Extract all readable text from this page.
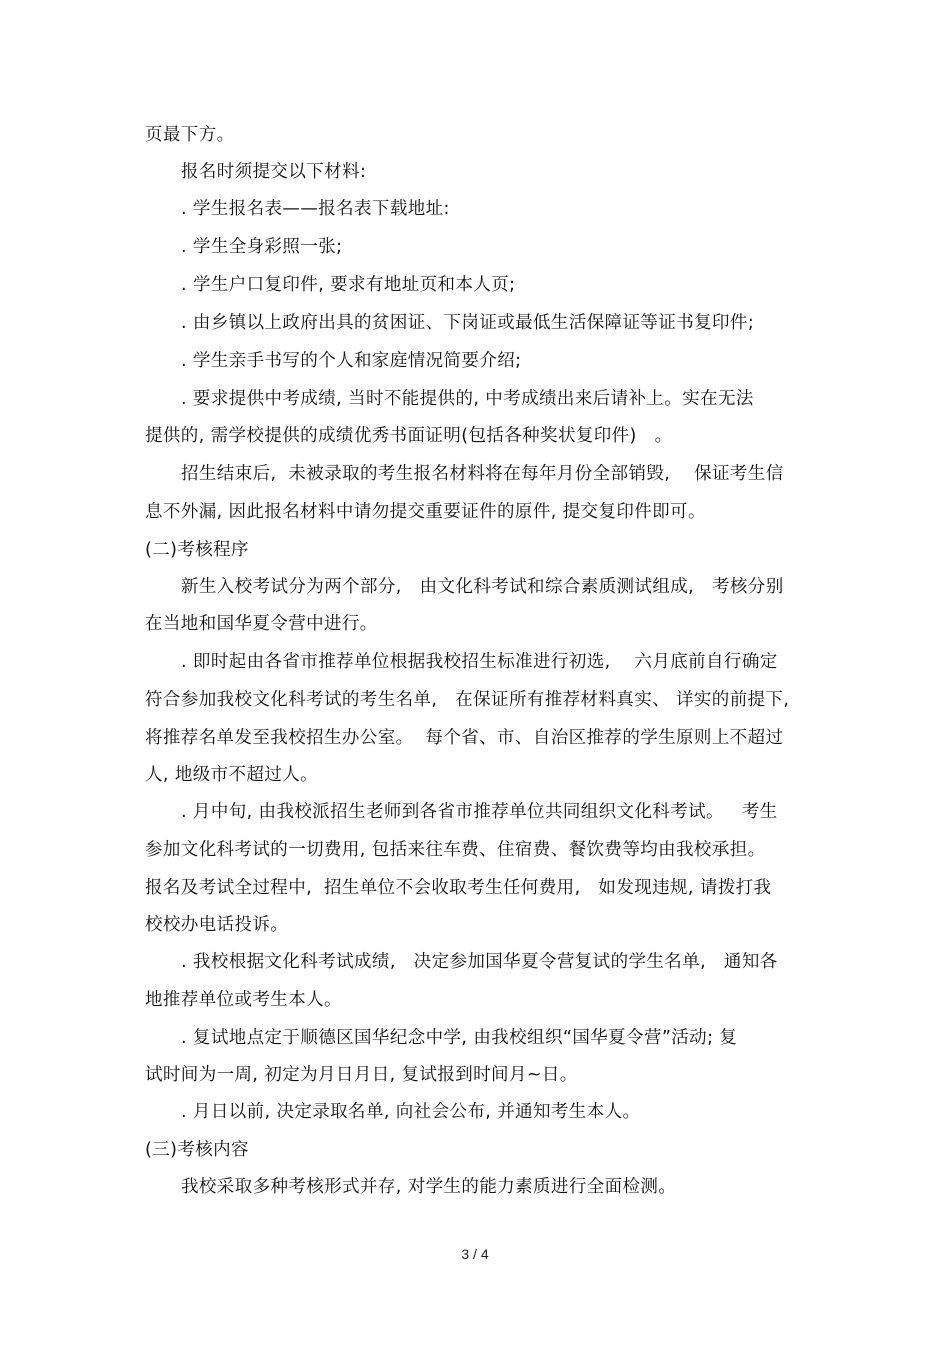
页最下方。

报名时须提交以下材料:

. 学生报名表——报名表下载地址:

. 学生全身彩照一张;

. 学生户口复印件, 要求有地址页和本人页;

. 由乡镇以上政府出具的贫困证、下岗证或最低生活保障证等证书复印件;

. 学生亲手书写的个人和家庭情况简要介绍;

. 要求提供中考成绩, 当时不能提供的, 中考成绩出来后请补上。实在无法

提供的, 需学校提供的成绩优秀书面证明(包括各种奖状复印件)   。

招生结束后,  未被录取的考生报名材料将在每年月份全部销毁,    保证考生信

息不外漏, 因此报名材料中请勿提交重要证件的原件, 提交复印件即可。

(二)考核程序

新生入校考试分为两个部分,   由文化科考试和综合素质测试组成,   考核分别

在当地和国华夏令营中进行。

. 即时起由各省市推荐单位根据我校招生标准进行初选,    六月底前自行确定

符合参加我校文化科考试的考生名单,   在保证所有推荐材料真实、 详实的前提下,

将推荐名单发至我校招生办公室。  每个省、市、自治区推荐的学生原则上不超过

人, 地级市不超过人。

. 月中旬, 由我校派招生老师到各省市推荐单位共同组织文化科考试。   考生

参加文化科考试的一切费用, 包括来往车费、住宿费、餐饮费等均由我校承担。

报名及考试全过程中,  招生单位不会收取考生任何费用,   如发现违规, 请拨打我

校校办电话投诉。

. 我校根据文化科考试成绩,   决定参加国华夏令营复试的学生名单,   通知各

地推荐单位或考生本人。

. 复试地点定于顺德区国华纪念中学, 由我校组织“国华夏令营”活动; 复

试时间为一周, 初定为月日月日, 复试报到时间月~日。

. 月日以前, 决定录取名单, 向社会公布, 并通知考生本人。

(三)考核内容

我校采取多种考核形式并存, 对学生的能力素质进行全面检测。

3 / 4
